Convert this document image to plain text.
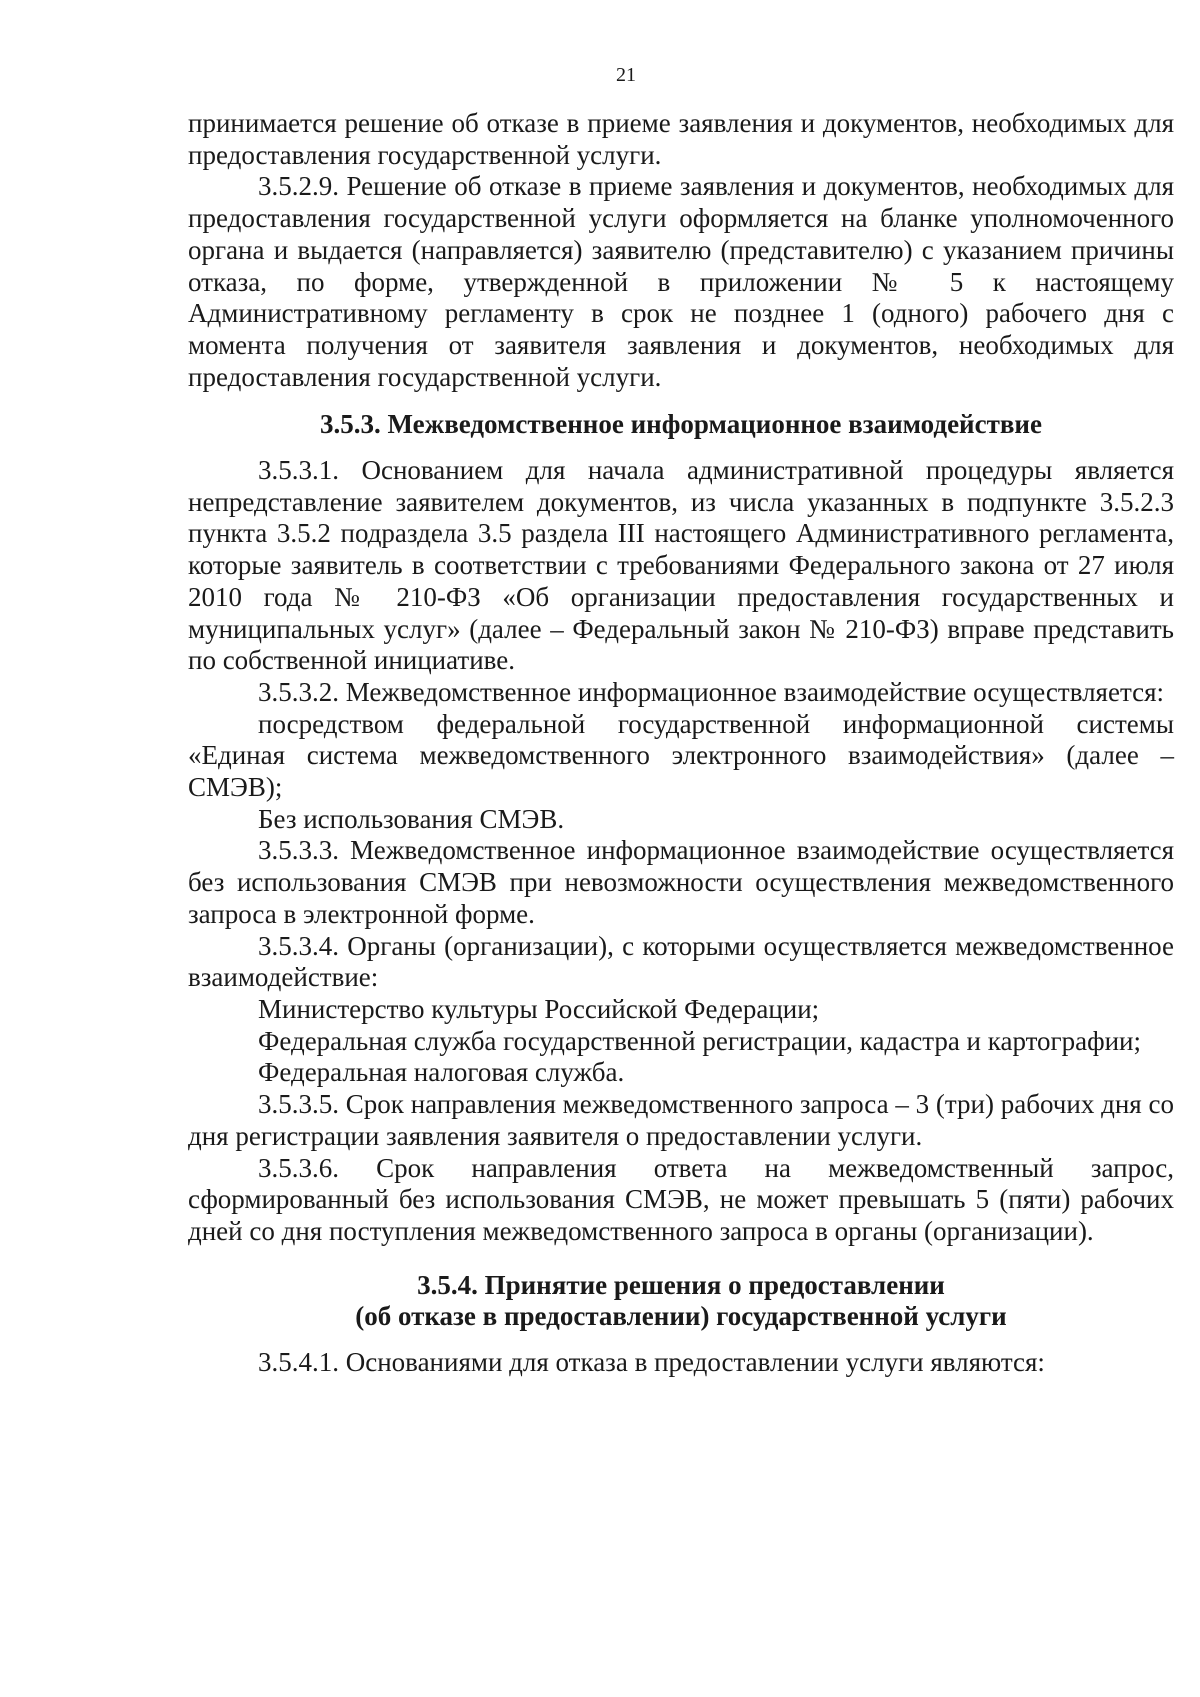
21

принимается решение об отказе в приеме заявления и документов, необходимых для предоставления государственной услуги.

3.5.2.9. Решение об отказе в приеме заявления и документов, необходимых для предоставления государственной услуги оформляется на бланке уполномоченного органа и выдается (направляется) заявителю (представителю) с указанием причины отказа, по форме, утвержденной в приложении № 5 к настоящему Административному регламенту в срок не позднее 1 (одного) рабочего дня с момента получения от заявителя заявления и документов, необходимых для предоставления государственной услуги.

3.5.3. Межведомственное информационное взаимодействие

3.5.3.1. Основанием для начала административной процедуры является непредставление заявителем документов, из числа указанных в подпункте 3.5.2.3 пункта 3.5.2 подраздела 3.5 раздела III настоящего Административного регламента, которые заявитель в соответствии с требованиями Федерального закона от 27 июля 2010 года № 210-ФЗ «Об организации предоставления государственных и муниципальных услуг» (далее – Федеральный закон № 210-ФЗ) вправе представить по собственной инициативе.

3.5.3.2. Межведомственное информационное взаимодействие осуществляется:

посредством федеральной государственной информационной системы «Единая система межведомственного электронного взаимодействия» (далее – СМЭВ);

Без использования СМЭВ.

3.5.3.3. Межведомственное информационное взаимодействие осуществляется без использования СМЭВ при невозможности осуществления межведомственного запроса в электронной форме.

3.5.3.4. Органы (организации), с которыми осуществляется межведомственное взаимодействие:

Министерство культуры Российской Федерации;

Федеральная служба государственной регистрации, кадастра и картографии;

Федеральная налоговая служба.

3.5.3.5. Срок направления межведомственного запроса – 3 (три) рабочих дня со дня регистрации заявления заявителя о предоставлении услуги.

3.5.3.6. Срок направления ответа на межведомственный запрос, сформированный без использования СМЭВ, не может превышать 5 (пяти) рабочих дней со дня поступления межведомственного запроса в органы (организации).

3.5.4. Принятие решения о предоставлении
(об отказе в предоставлении) государственной услуги

3.5.4.1. Основаниями для отказа в предоставлении услуги являются:
